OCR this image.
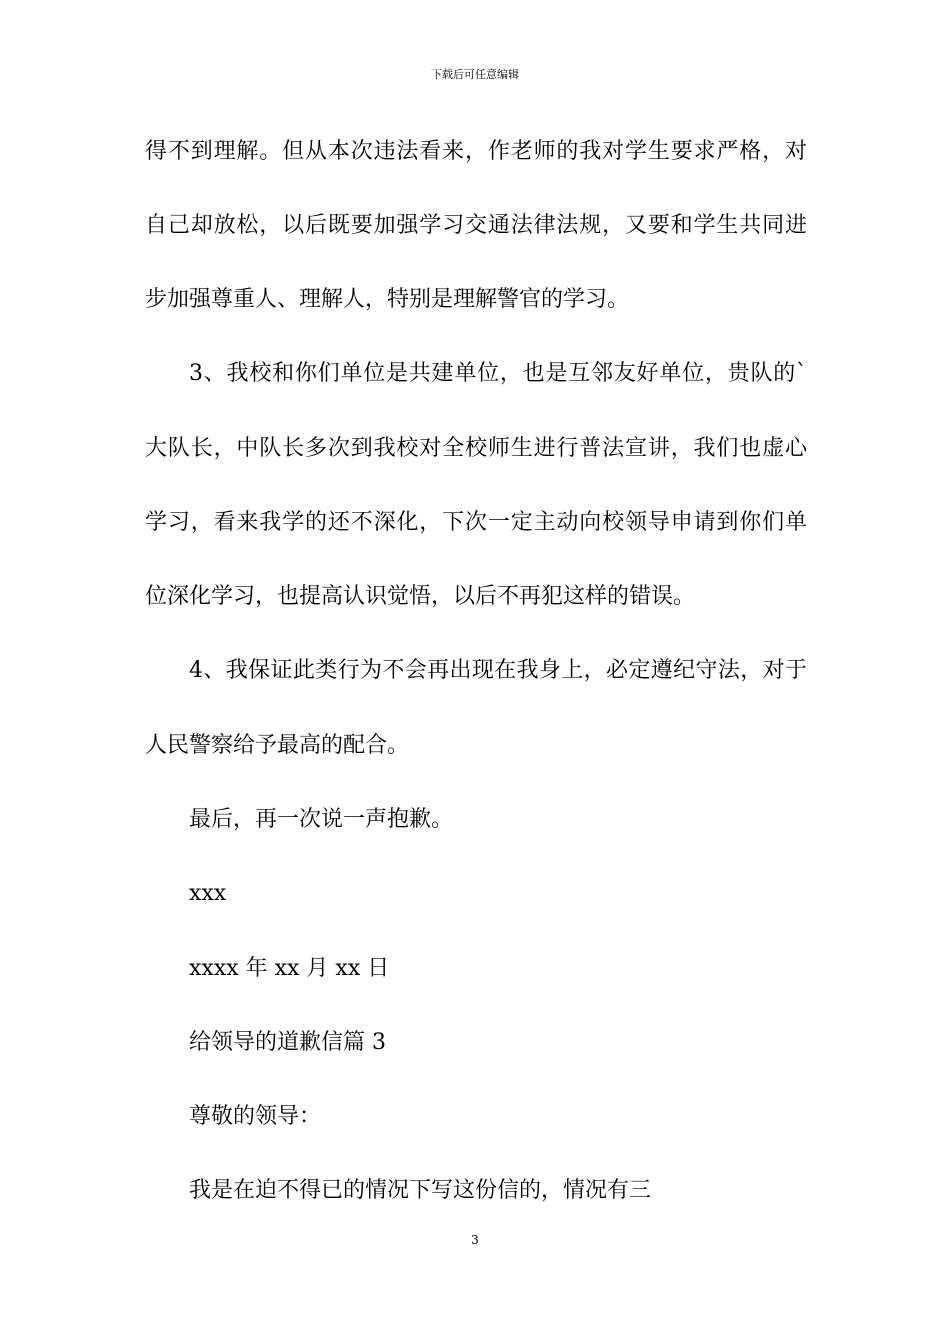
下载后可任意编辑
得不到理解。但从本次违法看来，作老师的我对学生要求严格，对
自己却放松，以后既要加强学习交通法律法规，又要和学生共同进
步加强尊重人、理解人，特别是理解警官的学习。
3、我校和你们单位是共建单位，也是互邻友好单位，贵队的`
大队长，中队长多次到我校对全校师生进行普法宣讲，我们也虚心
学习，看来我学的还不深化，下次一定主动向校领导申请到你们单
位深化学习，也提高认识觉悟，以后不再犯这样的错误。
4、我保证此类行为不会再出现在我身上，必定遵纪守法，对于
人民警察给予最高的配合。
最后，再一次说一声抱歉。
xxx
xxxx 年 xx 月 xx 日
给领导的道歉信篇 3
尊敬的领导：
我是在迫不得已的情况下写这份信的，情况有三
3
